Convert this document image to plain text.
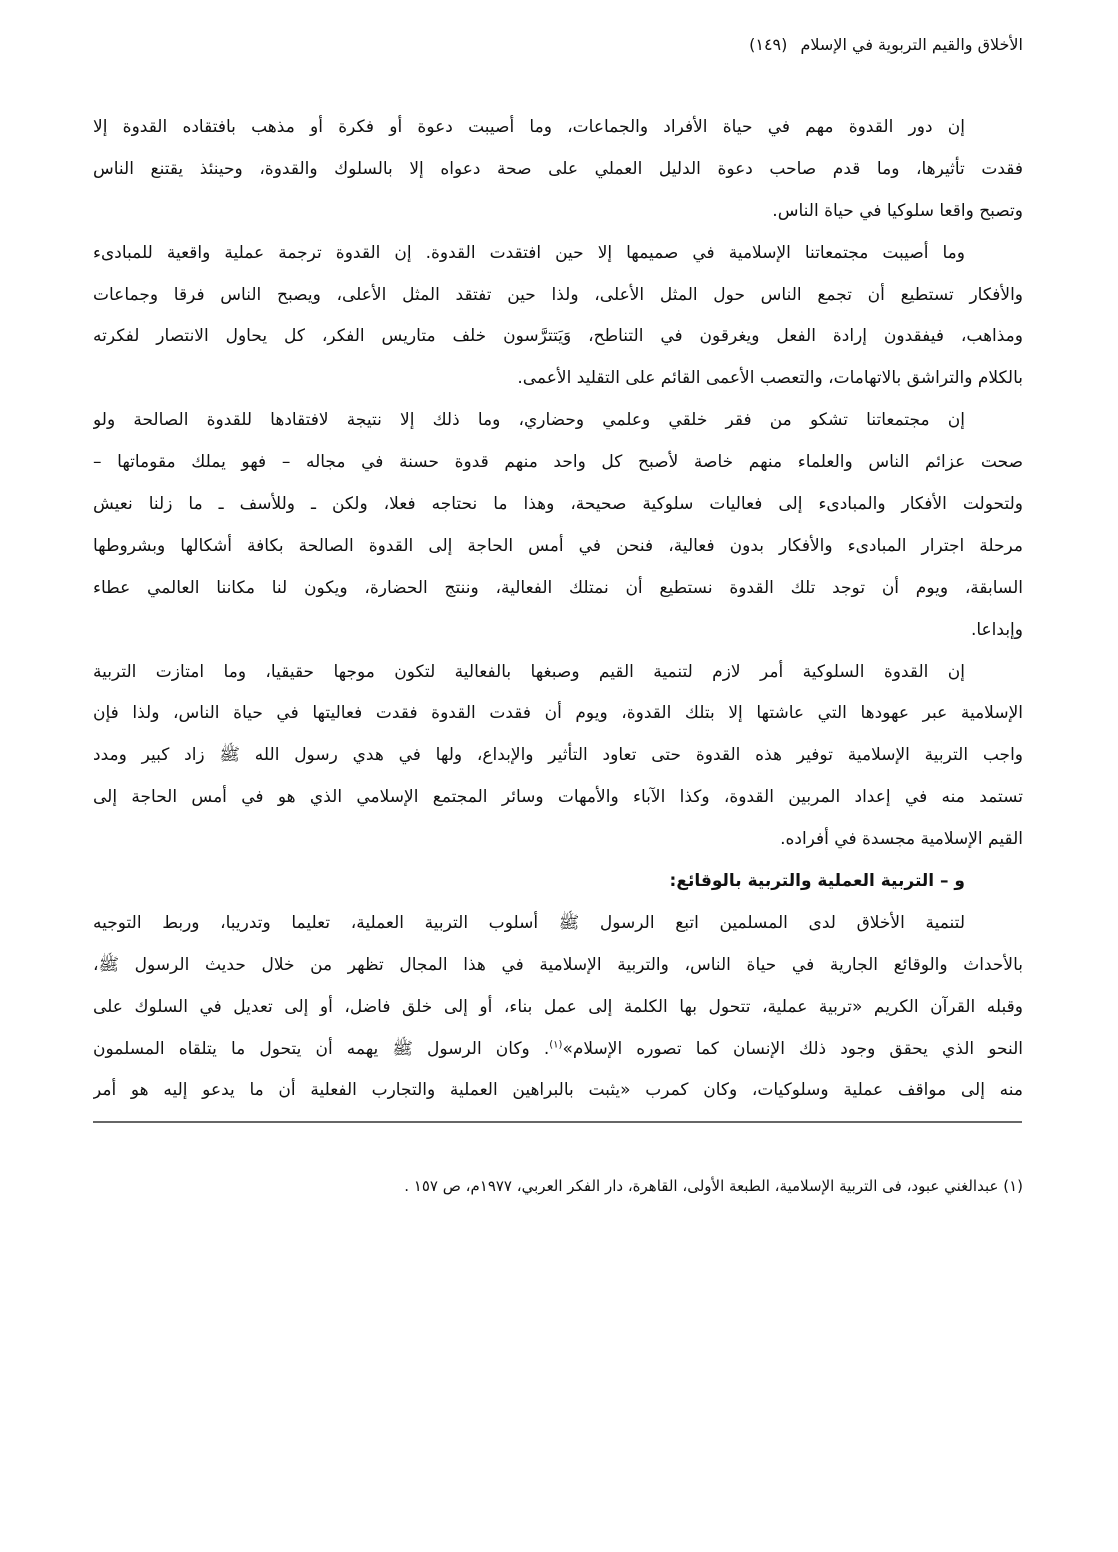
الأخلاق والقيم التربوية في الإسلام (١٤٩)
إن دور القدوة مهم في حياة الأفراد والجماعات، وما أصيبت دعوة أو فكرة أو مذهب بافتقاده القدوة إلا
فقدت تأثيرها، وما قدم صاحب دعوة الدليل العملي على صحة دعواه إلا بالسلوك والقدوة، وحينئذ يقتنع الناس
وتصبح واقعا سلوكيا في حياة الناس.
وما أصيبت مجتمعاتنا الإسلامية في صميمها إلا حين افتقدت القدوة. إن القدوة ترجمة عملية واقعية للمبادىء
والأفكار تستطيع أن تجمع الناس حول المثل الأعلى، ولذا حين تفتقد المثل الأعلى، ويصبح الناس فرقا وجماعات
ومذاهب، فيفقدون إرادة الفعل ويغرقون في التناطح، وَيَتترَّسون خلف متاريس الفكر، كل يحاول الانتصار لفكرته
بالكلام والتراشق بالاتهامات، والتعصب الأعمى القائم على التقليد الأعمى.
إن مجتمعاتنا تشكو من فقر خلقي وعلمي وحضاري، وما ذلك إلا نتيجة لافتقادها للقدوة الصالحة ولو
صحت عزائم الناس والعلماء منهم خاصة لأصبح كل واحد منهم قدوة حسنة في مجاله – فهو يملك مقوماتها –
ولتحولت الأفكار والمبادىء إلى فعاليات سلوكية صحيحة، وهذا ما نحتاجه فعلا، ولكن ـ وللأسف ـ ما زلنا نعيش
مرحلة اجترار المبادىء والأفكار بدون فعالية، فنحن في أمس الحاجة إلى القدوة الصالحة بكافة أشكالها وبشروطها
السابقة، ويوم أن توجد تلك القدوة نستطيع أن نمتلك الفعالية، وننتج الحضارة، ويكون لنا مكاننا العالمي عطاء
وإبداعا.
إن القدوة السلوكية أمر لازم لتنمية القيم وصبغها بالفعالية لتكون موجها حقيقيا، وما امتازت التربية
الإسلامية عبر عهودها التي عاشتها إلا بتلك القدوة، ويوم أن فقدت القدوة فقدت فعاليتها في حياة الناس، ولذا فإن
واجب التربية الإسلامية توفير هذه القدوة حتى تعاود التأثير والإبداع، ولها في هدي رسول الله ﷺ زاد كبير ومدد
تستمد منه في إعداد المربين القدوة، وكذا الآباء والأمهات وسائر المجتمع الإسلامي الذي هو في أمس الحاجة إلى
القيم الإسلامية مجسدة في أفراده.
و – التربية العملية والتربية بالوقائع:
لتنمية الأخلاق لدى المسلمين اتبع الرسول ﷺ أسلوب التربية العملية، تعليما وتدريبا، وربط التوجيه
بالأحداث والوقائع الجارية في حياة الناس، والتربية الإسلامية في هذا المجال تظهر من خلال حديث الرسول ﷺ،
وقبله القرآن الكريم «تربية عملية، تتحول بها الكلمة إلى عمل بناء، أو إلى خلق فاضل، أو إلى تعديل في السلوك على
النحو الذي يحقق وجود ذلك الإنسان كما تصوره الإسلام»$^{(١)}$. وكان الرسول ﷺ يهمه أن يتحول ما يتلقاه المسلمون
منه إلى مواقف عملية وسلوكيات، وكان كمرب «يثبت بالبراهين العملية والتجارب الفعلية أن ما يدعو إليه هو أمر
(١) عبدالغني عبود، فى التربية الإسلامية، الطبعة الأولى، القاهرة، دار الفكر العربي، ١٩٧٧م، ص ١٥٧ .
